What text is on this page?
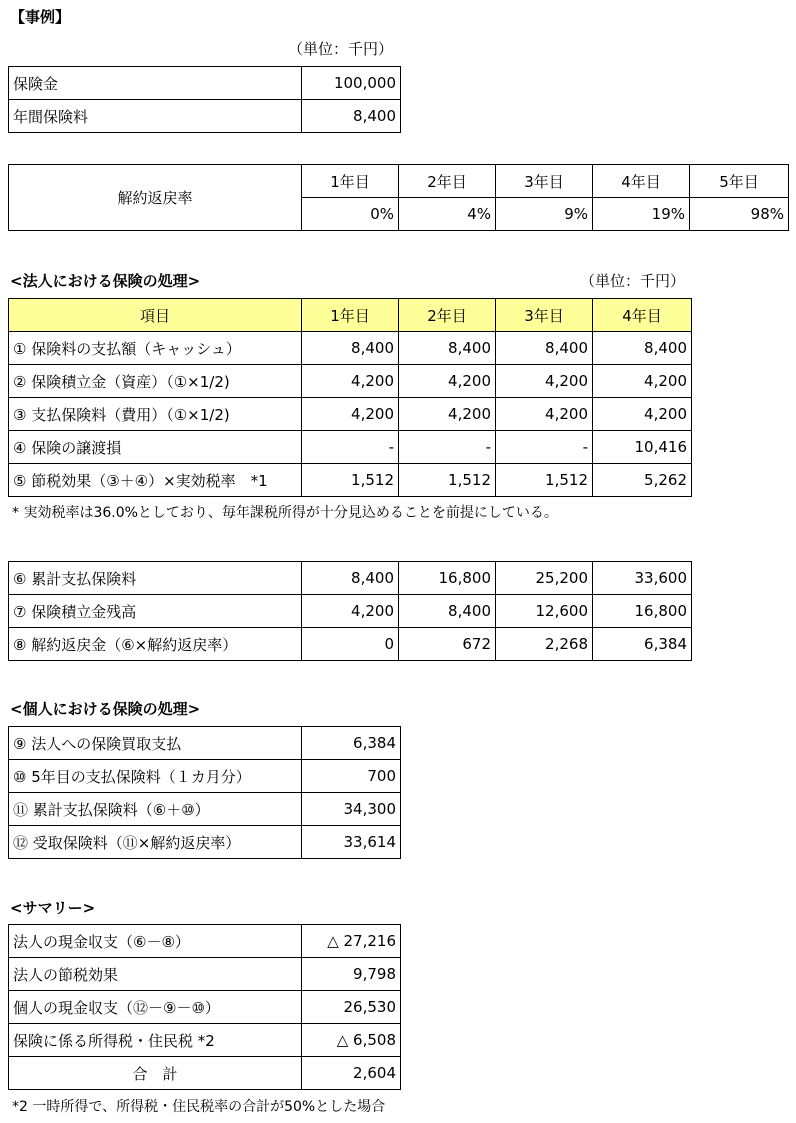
【事例】
（単位：千円）
保険金	100,000
年間保険料	8,400
解約返戻率	1年目	2年目	3年目	4年目	5年目
	0%	4%	9%	19%	98%
<法人における保険の処理>	（単位：千円）
項目	1年目	2年目	3年目	4年目
① 保険料の支払額（キャッシュ）	8,400	8,400	8,400	8,400
② 保険積立金（資産）（①×1/2)	4,200	4,200	4,200	4,200
③ 支払保険料（費用）（①×1/2)	4,200	4,200	4,200	4,200
④ 保険の譲渡損	-	-	-	10,416
⑤ 節税効果（③＋④）×実効税率　*1	1,512	1,512	1,512	5,262
* 実効税率は36.0%としており、毎年課税所得が十分見込めることを前提にしている。
⑥ 累計支払保険料	8,400	16,800	25,200	33,600
⑦ 保険積立金残高	4,200	8,400	12,600	16,800
⑧ 解約返戻金（⑥×解約返戻率）	0	672	2,268	6,384
<個人における保険の処理>
⑨ 法人への保険買取支払	6,384
⑩ 5年目の支払保険料（１カ月分）	700
⑪ 累計支払保険料（⑥＋⑩）	34,300
⑫ 受取保険料（⑪×解約返戻率）	33,614
<サマリー>
法人の現金収支（⑥－⑧）	△ 27,216
法人の節税効果	9,798
個人の現金収支（⑫－⑨－⑩）	26,530
保険に係る所得税・住民税 *2	△ 6,508
合　計	2,604
*2 一時所得で、所得税・住民税率の合計が50%とした場合
